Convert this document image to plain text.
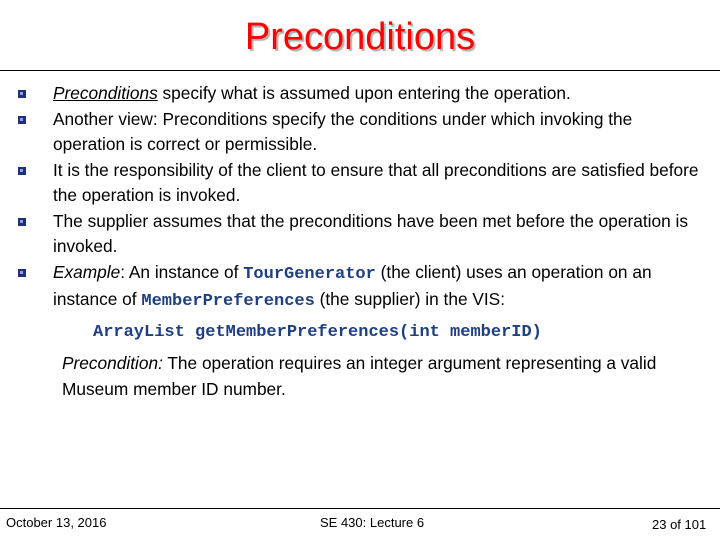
Preconditions
Preconditions specify what is assumed upon entering the operation.
Another view: Preconditions specify the conditions under which invoking the operation is correct or permissible.
It is the responsibility of the client to ensure that all preconditions are satisfied before the operation is invoked.
The supplier assumes that the preconditions have been met before the operation is invoked.
Example: An instance of TourGenerator (the client) uses an operation on an instance of MemberPreferences (the supplier) in the VIS:
ArrayList getMemberPreferences(int memberID)
Precondition: The operation requires an integer argument representing a valid Museum member ID number.
October 13, 2016	SE 430: Lecture 6	23 of 101
